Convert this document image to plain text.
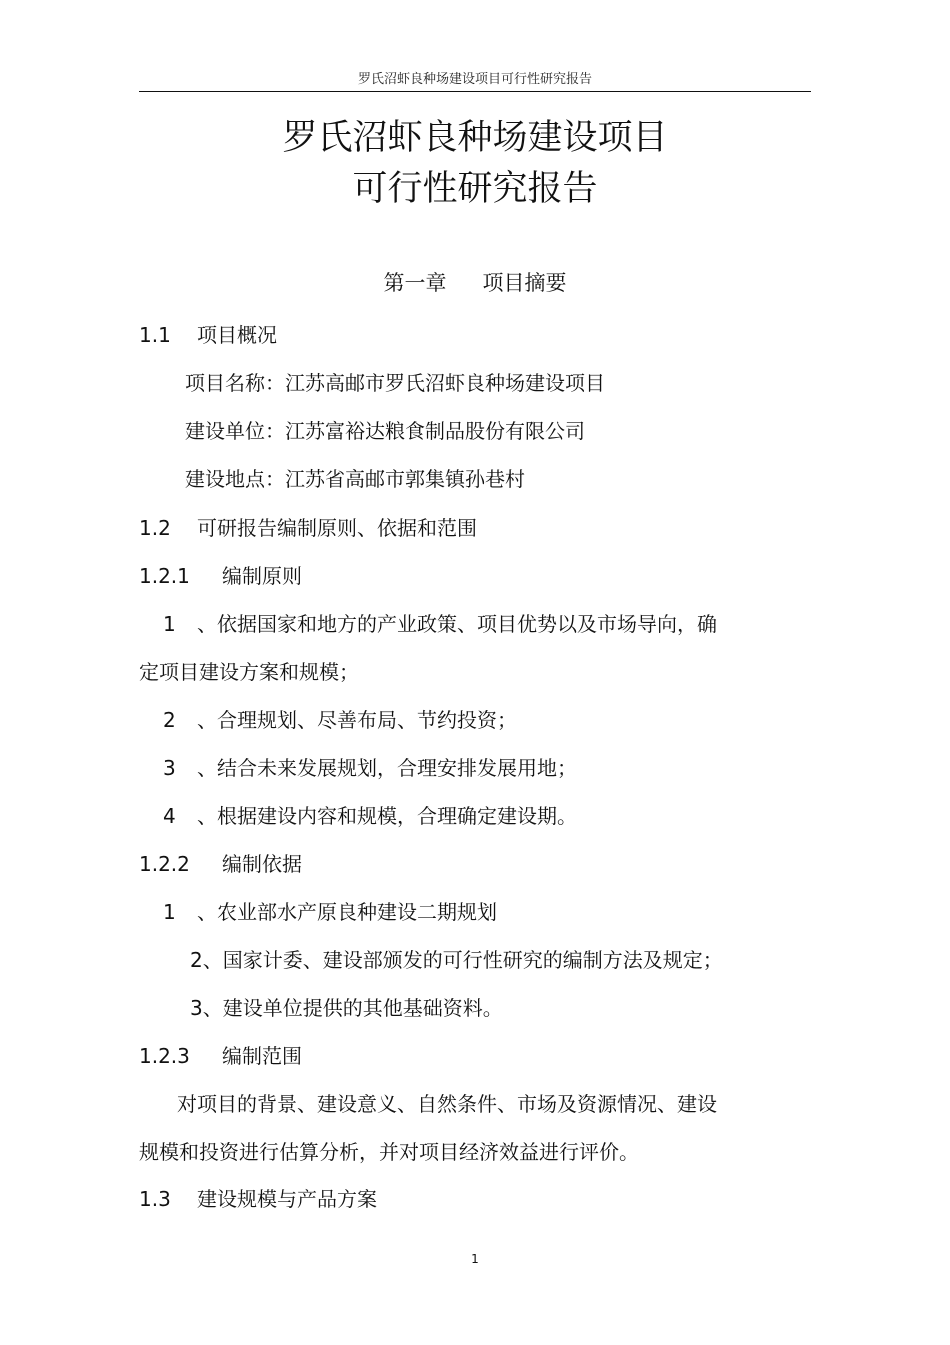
罗氏沼虾良种场建设项目可行性研究报告
罗氏沼虾良种场建设项目
可行性研究报告
第一章 项目摘要
1.1 项目概况
项目名称：江苏高邮市罗氏沼虾良种场建设项目
建设单位：江苏富裕达粮食制品股份有限公司
建设地点：江苏省高邮市郭集镇孙巷村
1.2 可研报告编制原则、依据和范围
1.2.1 编制原则
1 、依据国家和地方的产业政策、项目优势以及市场导向，确
定项目建设方案和规模；
2 、合理规划、尽善布局、节约投资；
3 、结合未来发展规划，合理安排发展用地；
4 、根据建设内容和规模，合理确定建设期。
1.2.2 编制依据
1 、农业部水产原良种建设二期规划
2、国家计委、建设部颁发的可行性研究的编制方法及规定；
3、建设单位提供的其他基础资料。
1.2.3 编制范围
对项目的背景、建设意义、自然条件、市场及资源情况、建设
规模和投资进行估算分析，并对项目经济效益进行评价。
1.3 建设规模与产品方案
1
